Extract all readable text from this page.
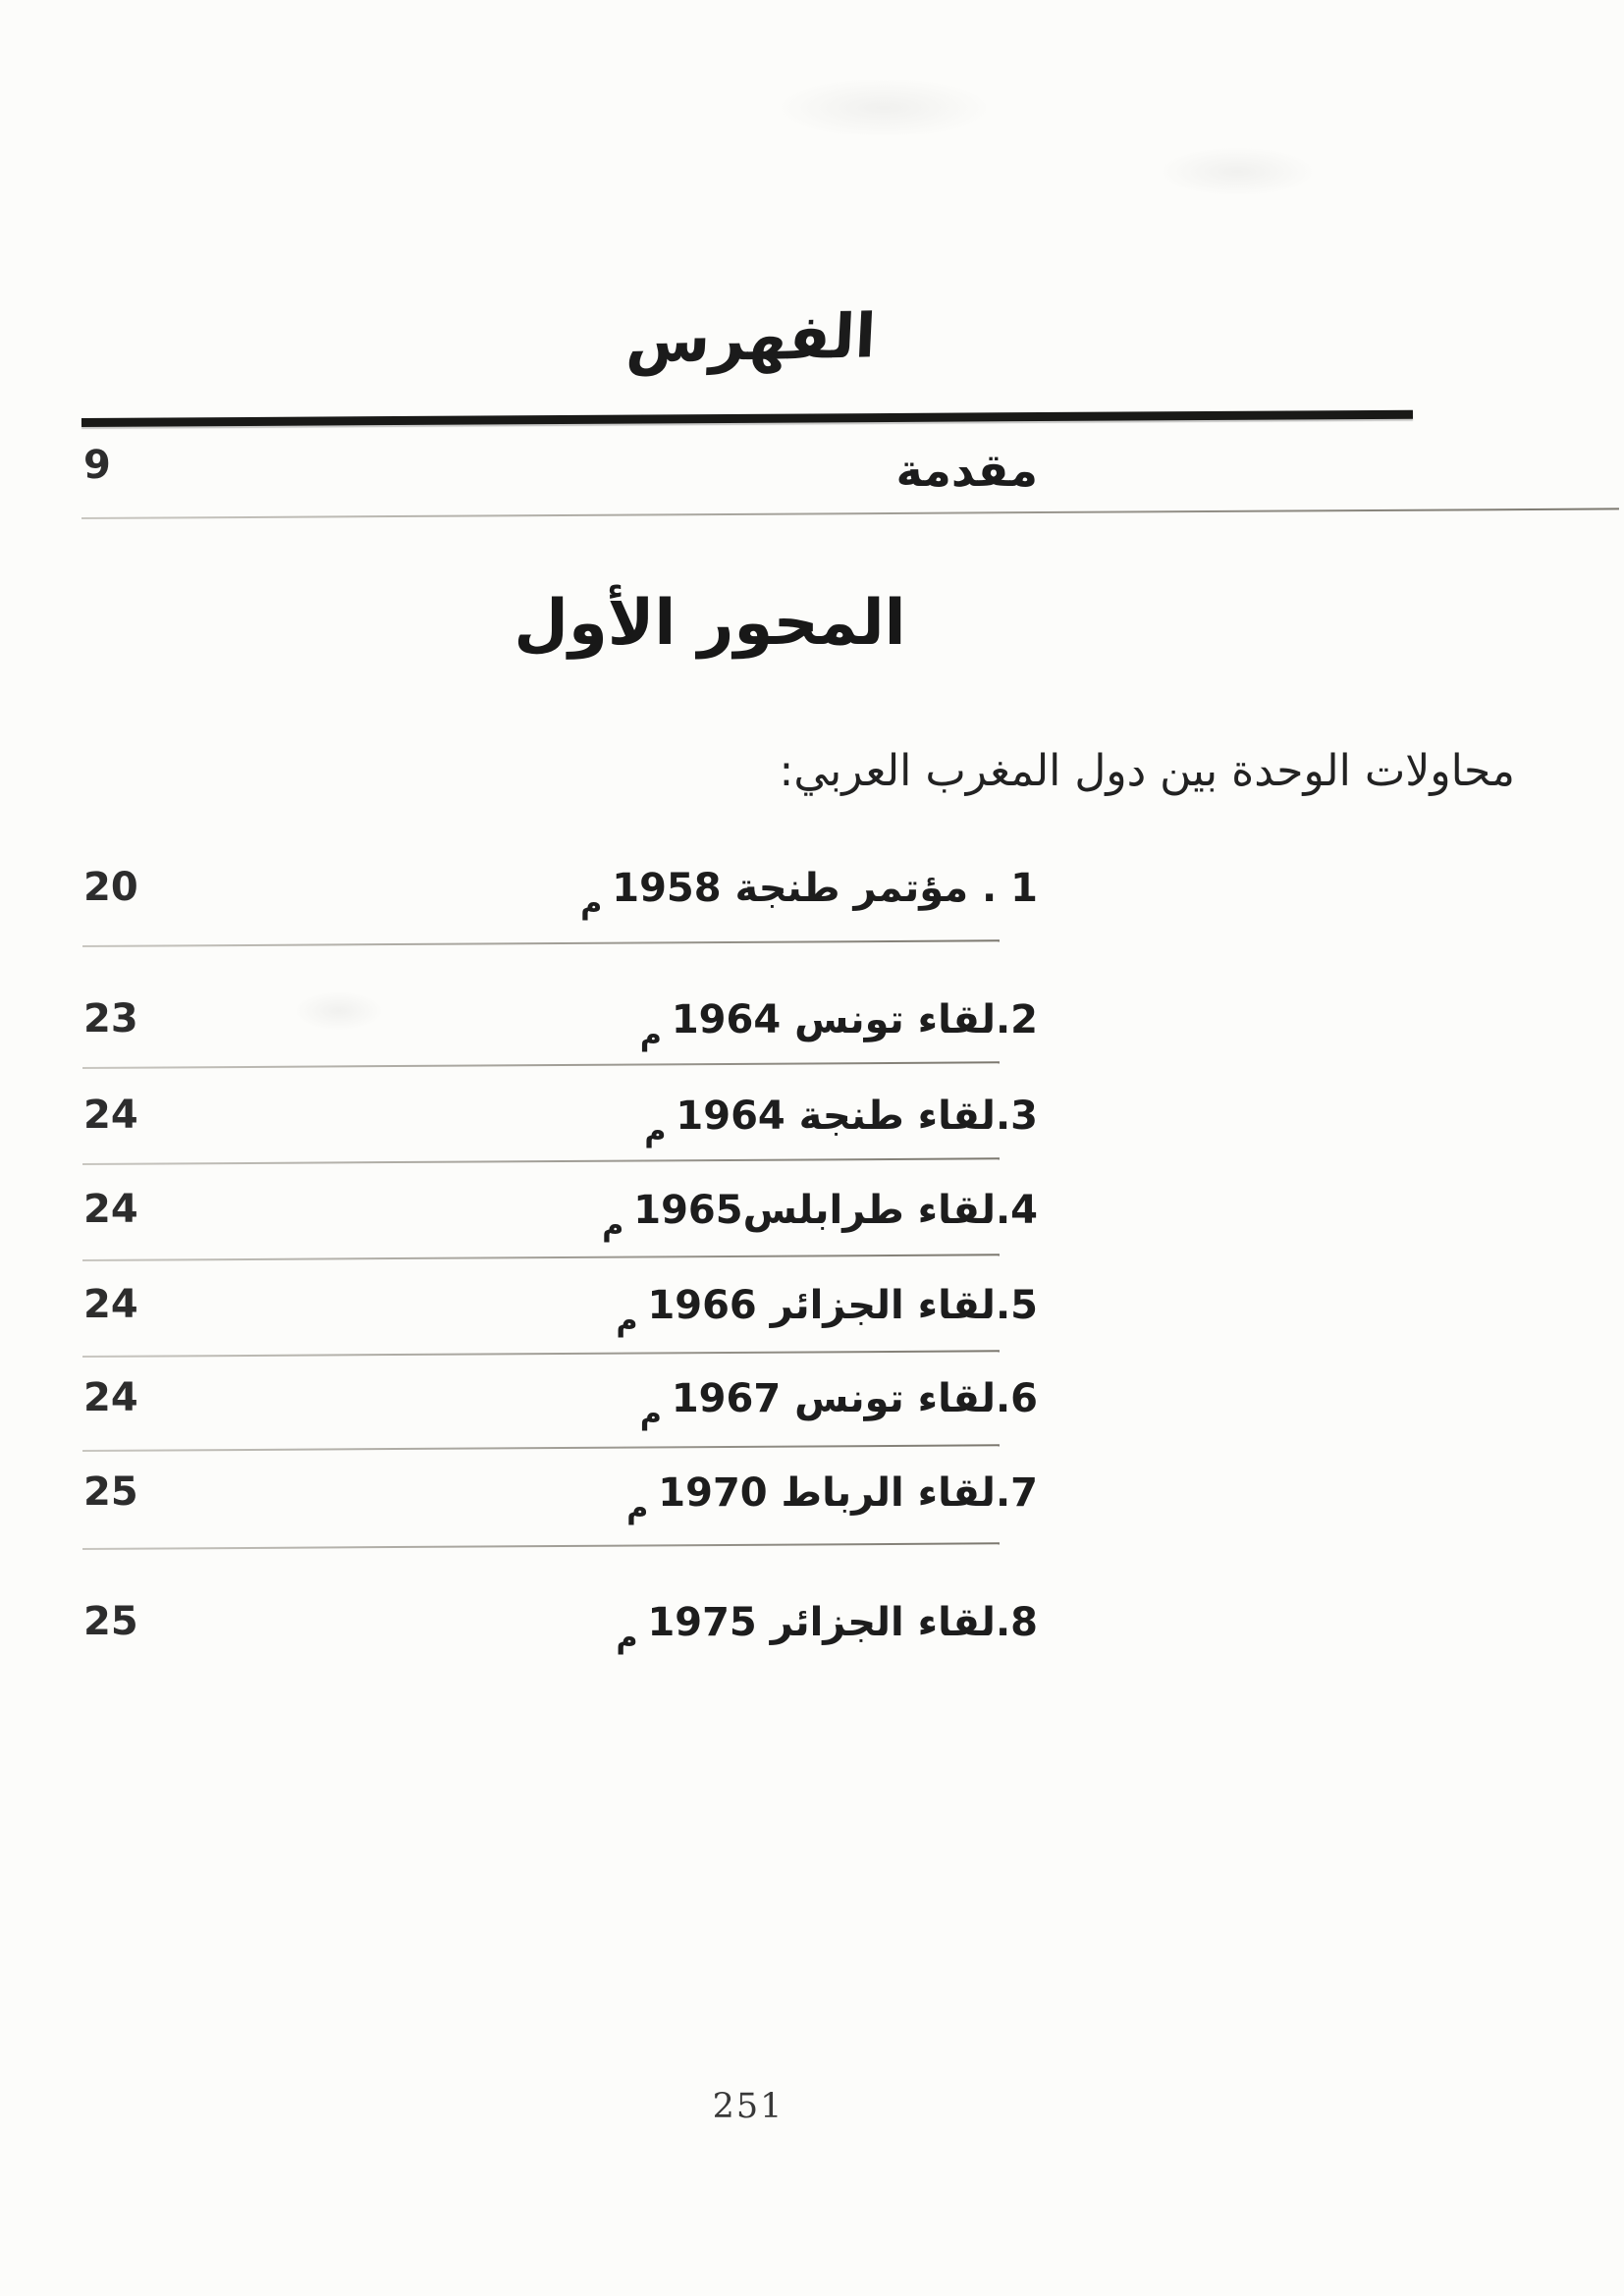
الفهرس
مقدمة
9
المحور الأول
محاولات الوحدة بين دول المغرب العربي:
1 . مؤتمر طنجة 1958م
20
2.لقاء تونس 1964م
23
3.لقاء طنجة 1964م
24
4.لقاء طرابلس1965م
24
5.لقاء الجزائر 1966م
24
6.لقاء تونس 1967م
24
7.لقاء الرباط 1970م
25
8.لقاء الجزائر 1975م
25
251
